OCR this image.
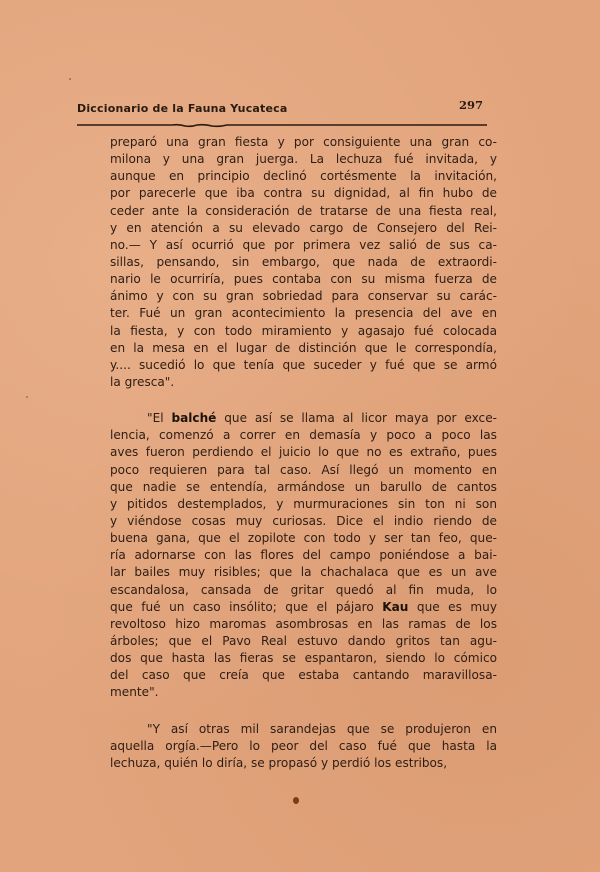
Diccionario de la Fauna Yucateca	297
preparó una gran fiesta y por consiguiente una gran co-
milona y una gran juerga. La lechuza fué invitada, y
aunque en principio declinó cortésmente la invitación,
por parecerle que iba contra su dignidad, al fin hubo de
ceder ante la consideración de tratarse de una fiesta real,
y en atención a su elevado cargo de Consejero del Rei-
no.— Y así ocurrió que por primera vez salió de sus ca-
sillas, pensando, sin embargo, que nada de extraordi-
nario le ocurriría, pues contaba con su misma fuerza de
ánimo y con su gran sobriedad para conservar su carác-
ter. Fué un gran acontecimiento la presencia del ave en
la fiesta, y con todo miramiento y agasajo fué colocada
en la mesa en el lugar de distinción que le correspondía,
y.... sucedió lo que tenía que suceder y fué que se armó
la gresca".
"El balché que así se llama al licor maya por exce-
lencia, comenzó a correr en demasía y poco a poco las
aves fueron perdiendo el juicio lo que no es extraño, pues
poco requieren para tal caso. Así llegó un momento en
que nadie se entendía, armándose un barullo de cantos
y pitidos destemplados, y murmuraciones sin ton ni son
y viéndose cosas muy curiosas. Dice el indio riendo de
buena gana, que el zopilote con todo y ser tan feo, que-
ría adornarse con las flores del campo poniéndose a bai-
lar bailes muy risibles; que la chachalaca que es un ave
escandalosa, cansada de gritar quedó al fin muda, lo
que fué un caso insólito; que el pájaro Kau que es muy
revoltoso hizo maromas asombrosas en las ramas de los
árboles; que el Pavo Real estuvo dando gritos tan agu-
dos que hasta las fieras se espantaron, siendo lo cómico
del caso que creía que estaba cantando maravillosa-
mente".
"Y así otras mil sarandejas que se produjeron en
aquella orgía.—Pero lo peor del caso fué que hasta la
lechuza, quién lo diría, se propasó y perdió los estribos,
